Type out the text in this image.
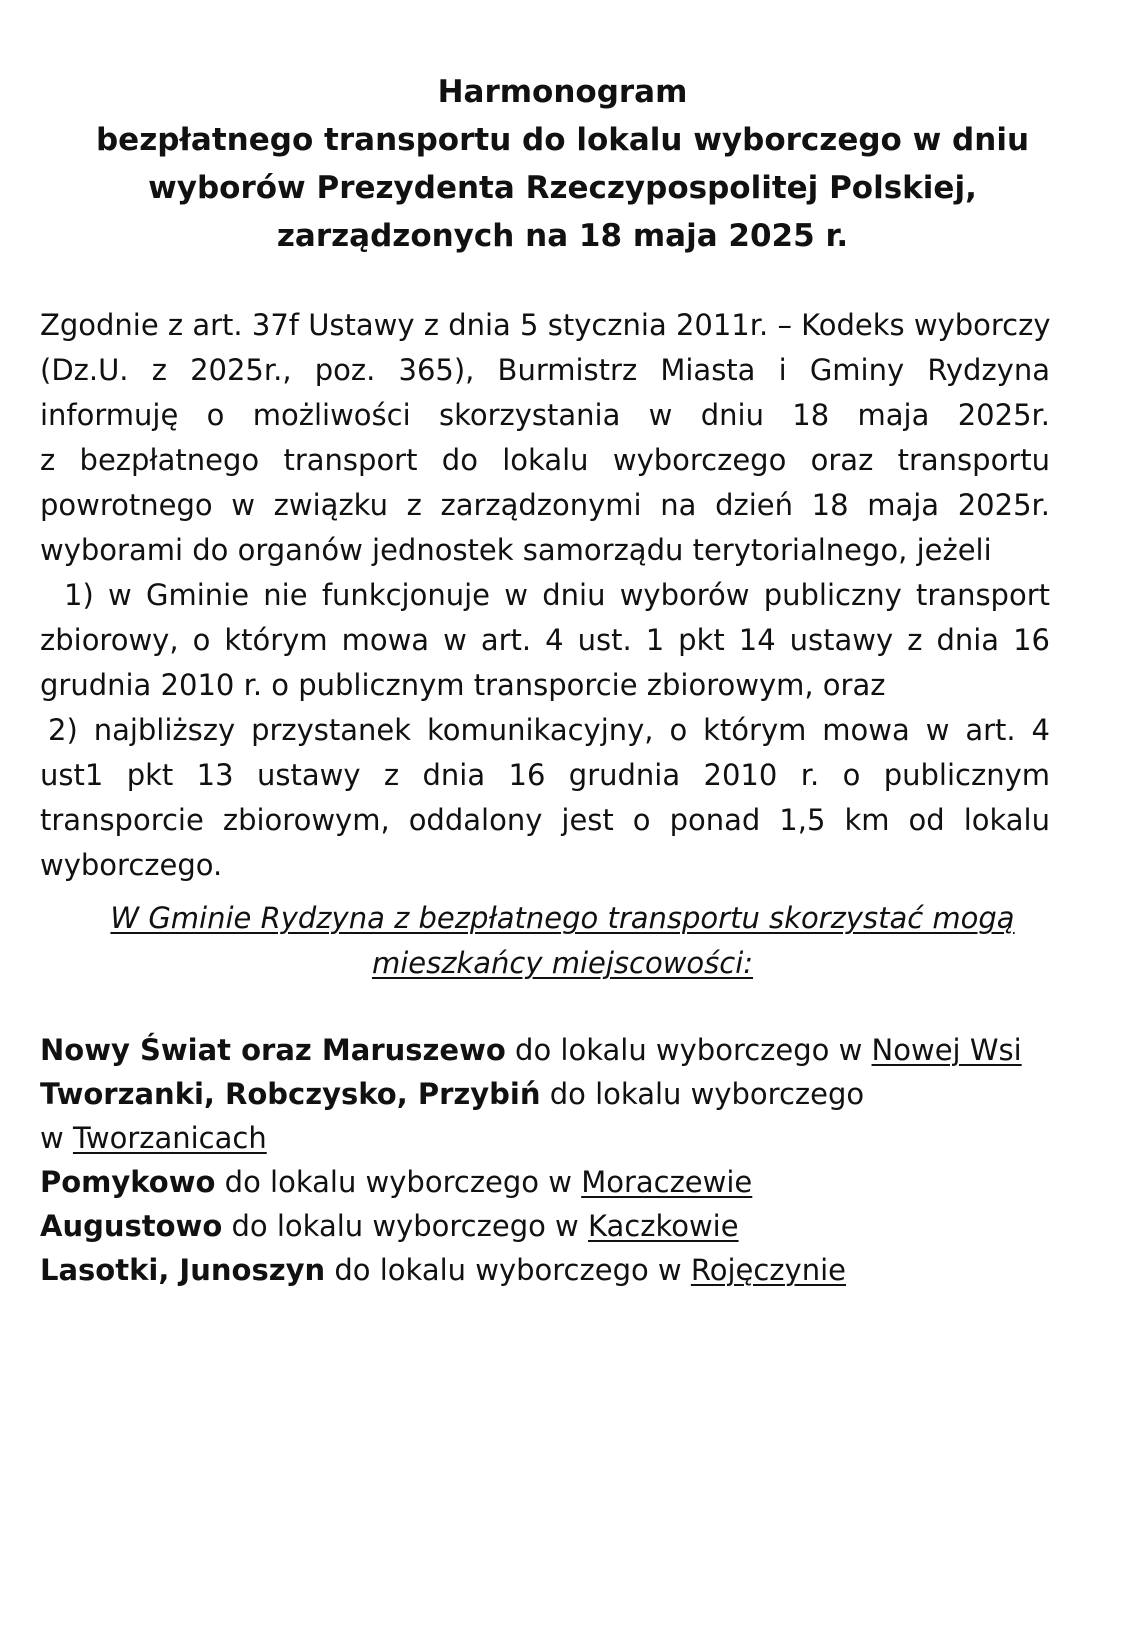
Harmonogram
bezpłatnego transportu do lokalu wyborczego w dniu
wyborów Prezydenta Rzeczypospolitej Polskiej,
zarządzonych na 18 maja 2025 r.
Zgodnie z art. 37f Ustawy z dnia 5 stycznia 2011r. – Kodeks wyborczy
(Dz.U. z 2025r., poz. 365), Burmistrz Miasta i Gminy Rydzyna
informuję o możliwości skorzystania w dniu 18 maja 2025r.
z bezpłatnego transport do lokalu wyborczego oraz transportu
powrotnego w związku z zarządzonymi na dzień 18 maja 2025r.
wyborami do organów jednostek samorządu terytorialnego, jeżeli
1) w Gminie nie funkcjonuje w dniu wyborów publiczny transport
zbiorowy, o którym mowa w art. 4 ust. 1 pkt 14 ustawy z dnia 16
grudnia 2010 r. o publicznym transporcie zbiorowym, oraz
2) najbliższy przystanek komunikacyjny, o którym mowa w art. 4
ust1 pkt 13 ustawy z dnia 16 grudnia 2010 r. o publicznym
transporcie zbiorowym, oddalony jest o ponad 1,5 km od lokalu
wyborczego.
W Gminie Rydzyna z bezpłatnego transportu skorzystać mogą
mieszkańcy miejscowości:
Nowy Świat oraz Maruszewo do lokalu wyborczego w Nowej Wsi
Tworzanki, Robczysko, Przybiń do lokalu wyborczego
w Tworzanicach
Pomykowo do lokalu wyborczego w Moraczewie
Augustowo do lokalu wyborczego w Kaczkowie
Lasotki, Junoszyn do lokalu wyborczego w Rojęczynie
